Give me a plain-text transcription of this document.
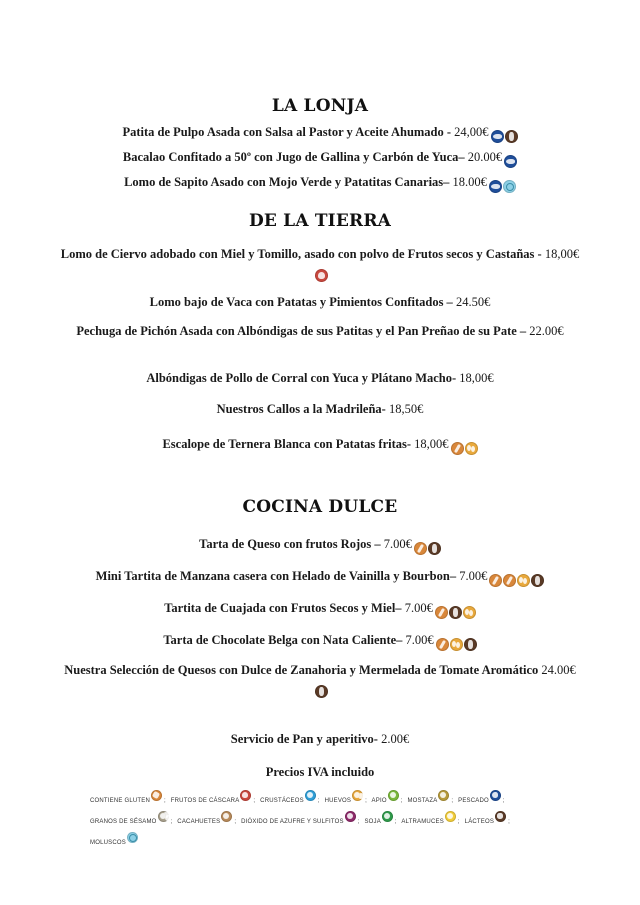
LA LONJA
Patita de Pulpo Asada con Salsa al Pastor y Aceite Ahumado - 24,00€
Bacalao Confitado a 50º con Jugo de Gallina y Carbón de Yuca– 20.00€
Lomo de Sapito Asado con Mojo Verde y Patatitas Canarias– 18.00€
DE LA TIERRA
Lomo de Ciervo adobado con Miel y Tomillo, asado con polvo de Frutos secos y Castañas - 18,00€
Lomo bajo de Vaca con Patatas y Pimientos Confitados – 24.50€
Pechuga de Pichón Asada con Albóndigas de sus Patitas y el Pan Preñao de su Pate – 22.00€
Albóndigas de Pollo de Corral con Yuca y Plátano Macho- 18,00€
Nuestros Callos a la Madrileña- 18,50€
Escalope de Ternera Blanca con Patatas fritas- 18,00€
COCINA DULCE
Tarta de Queso con frutos Rojos – 7.00€
Mini Tartita de Manzana casera con Helado de Vainilla y Bourbon– 7.00€
Tartita de Cuajada con Frutos Secos y Miel– 7.00€
Tarta de Chocolate Belga con Nata Caliente– 7.00€
Nuestra Selección de Quesos con Dulce de Zanahoria y Mermelada de Tomate Aromático 24.00€
Servicio de Pan y aperitivo- 2.00€
Precios IVA incluido
CONTIENE GLUTEN ; FRUTOS DE CÁSCARA ; CRUSTÁCEOS ; HUEVOS ; APIO ; MOSTAZA ; PESCADO ; GRANOS DE SÉSAMO ; CACAHUETES ; DIÓXIDO DE AZUFRE Y SULFITOS ; SOJA ; ALTRAMUCES ; LÁCTEOS ; MOLUSCOS
